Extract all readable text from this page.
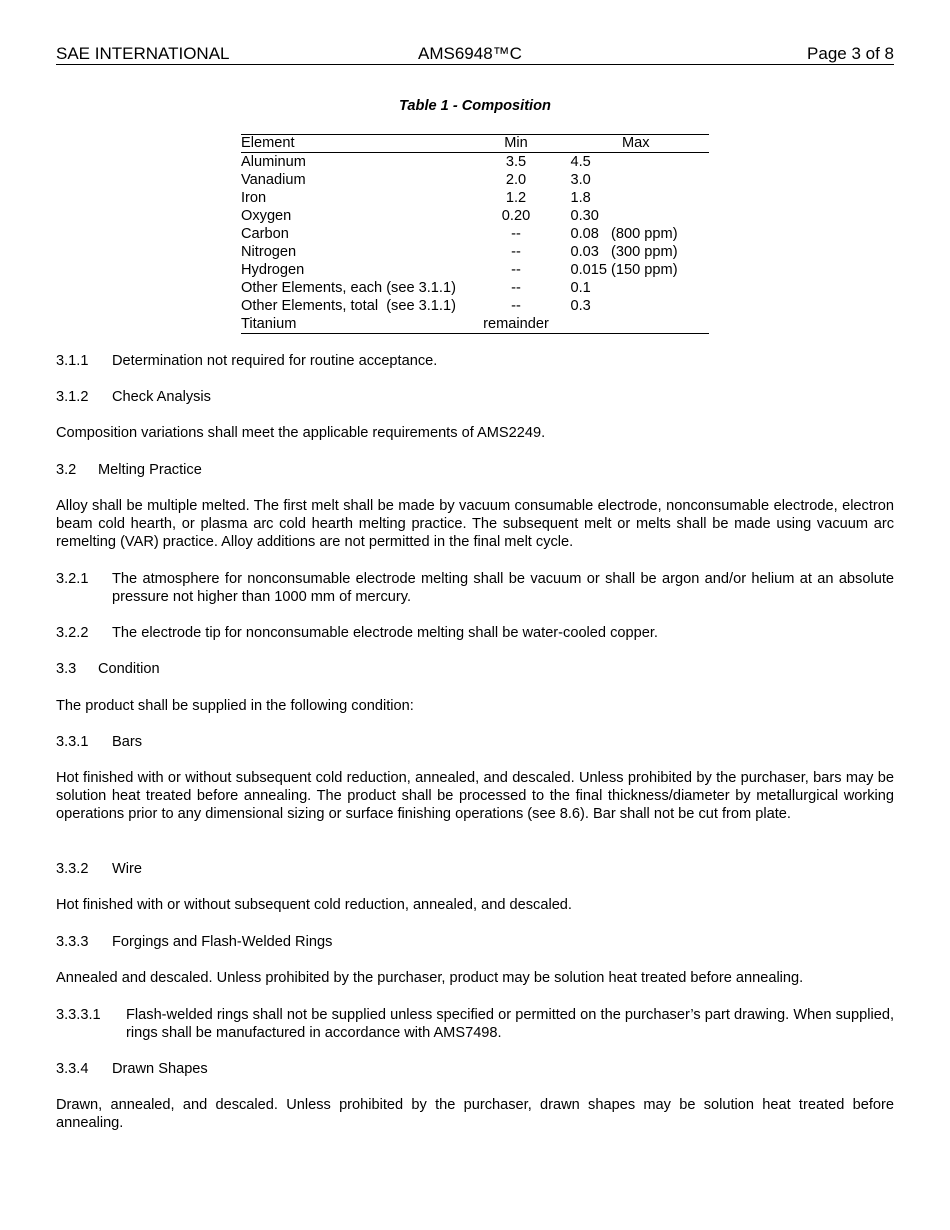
SAE INTERNATIONAL	AMS6948™C	Page 3 of 8
Table 1 - Composition
Element	Min	Max
Aluminum	3.5	4.5
Vanadium	2.0	3.0
Iron	1.2	1.8
Oxygen	0.20	0.30
Carbon	--	0.08   (800 ppm)
Nitrogen	--	0.03   (300 ppm)
Hydrogen	--	0.015 (150 ppm)
Other Elements, each (see 3.1.1)	--	0.1
Other Elements, total  (see 3.1.1)	--	0.3
Titanium	remainder	
3.1.1 Determination not required for routine acceptance.
3.1.2 Check Analysis
Composition variations shall meet the applicable requirements of AMS2249.
3.2 Melting Practice
Alloy shall be multiple melted. The first melt shall be made by vacuum consumable electrode, nonconsumable electrode, electron beam cold hearth, or plasma arc cold hearth melting practice. The subsequent melt or melts shall be made using vacuum arc remelting (VAR) practice. Alloy additions are not permitted in the final melt cycle.
3.2.1	The atmosphere for nonconsumable electrode melting shall be vacuum or shall be argon and/or helium at an absolute pressure not higher than 1000 mm of mercury.
3.2.2	The electrode tip for nonconsumable electrode melting shall be water-cooled copper.
3.3 Condition
The product shall be supplied in the following condition:
3.3.1 Bars
Hot finished with or without subsequent cold reduction, annealed, and descaled. Unless prohibited by the purchaser, bars may be solution heat treated before annealing. The product shall be processed to the final thickness/diameter by metallurgical working operations prior to any dimensional sizing or surface finishing operations (see 8.6). Bar shall not be cut from plate.
3.3.2 Wire
Hot finished with or without subsequent cold reduction, annealed, and descaled.
3.3.3 Forgings and Flash-Welded Rings
Annealed and descaled. Unless prohibited by the purchaser, product may be solution heat treated before annealing.
3.3.3.1	Flash-welded rings shall not be supplied unless specified or permitted on the purchaser’s part drawing. When supplied, rings shall be manufactured in accordance with AMS7498.
3.3.4 Drawn Shapes
Drawn, annealed, and descaled. Unless prohibited by the purchaser, drawn shapes may be solution heat treated before annealing.
